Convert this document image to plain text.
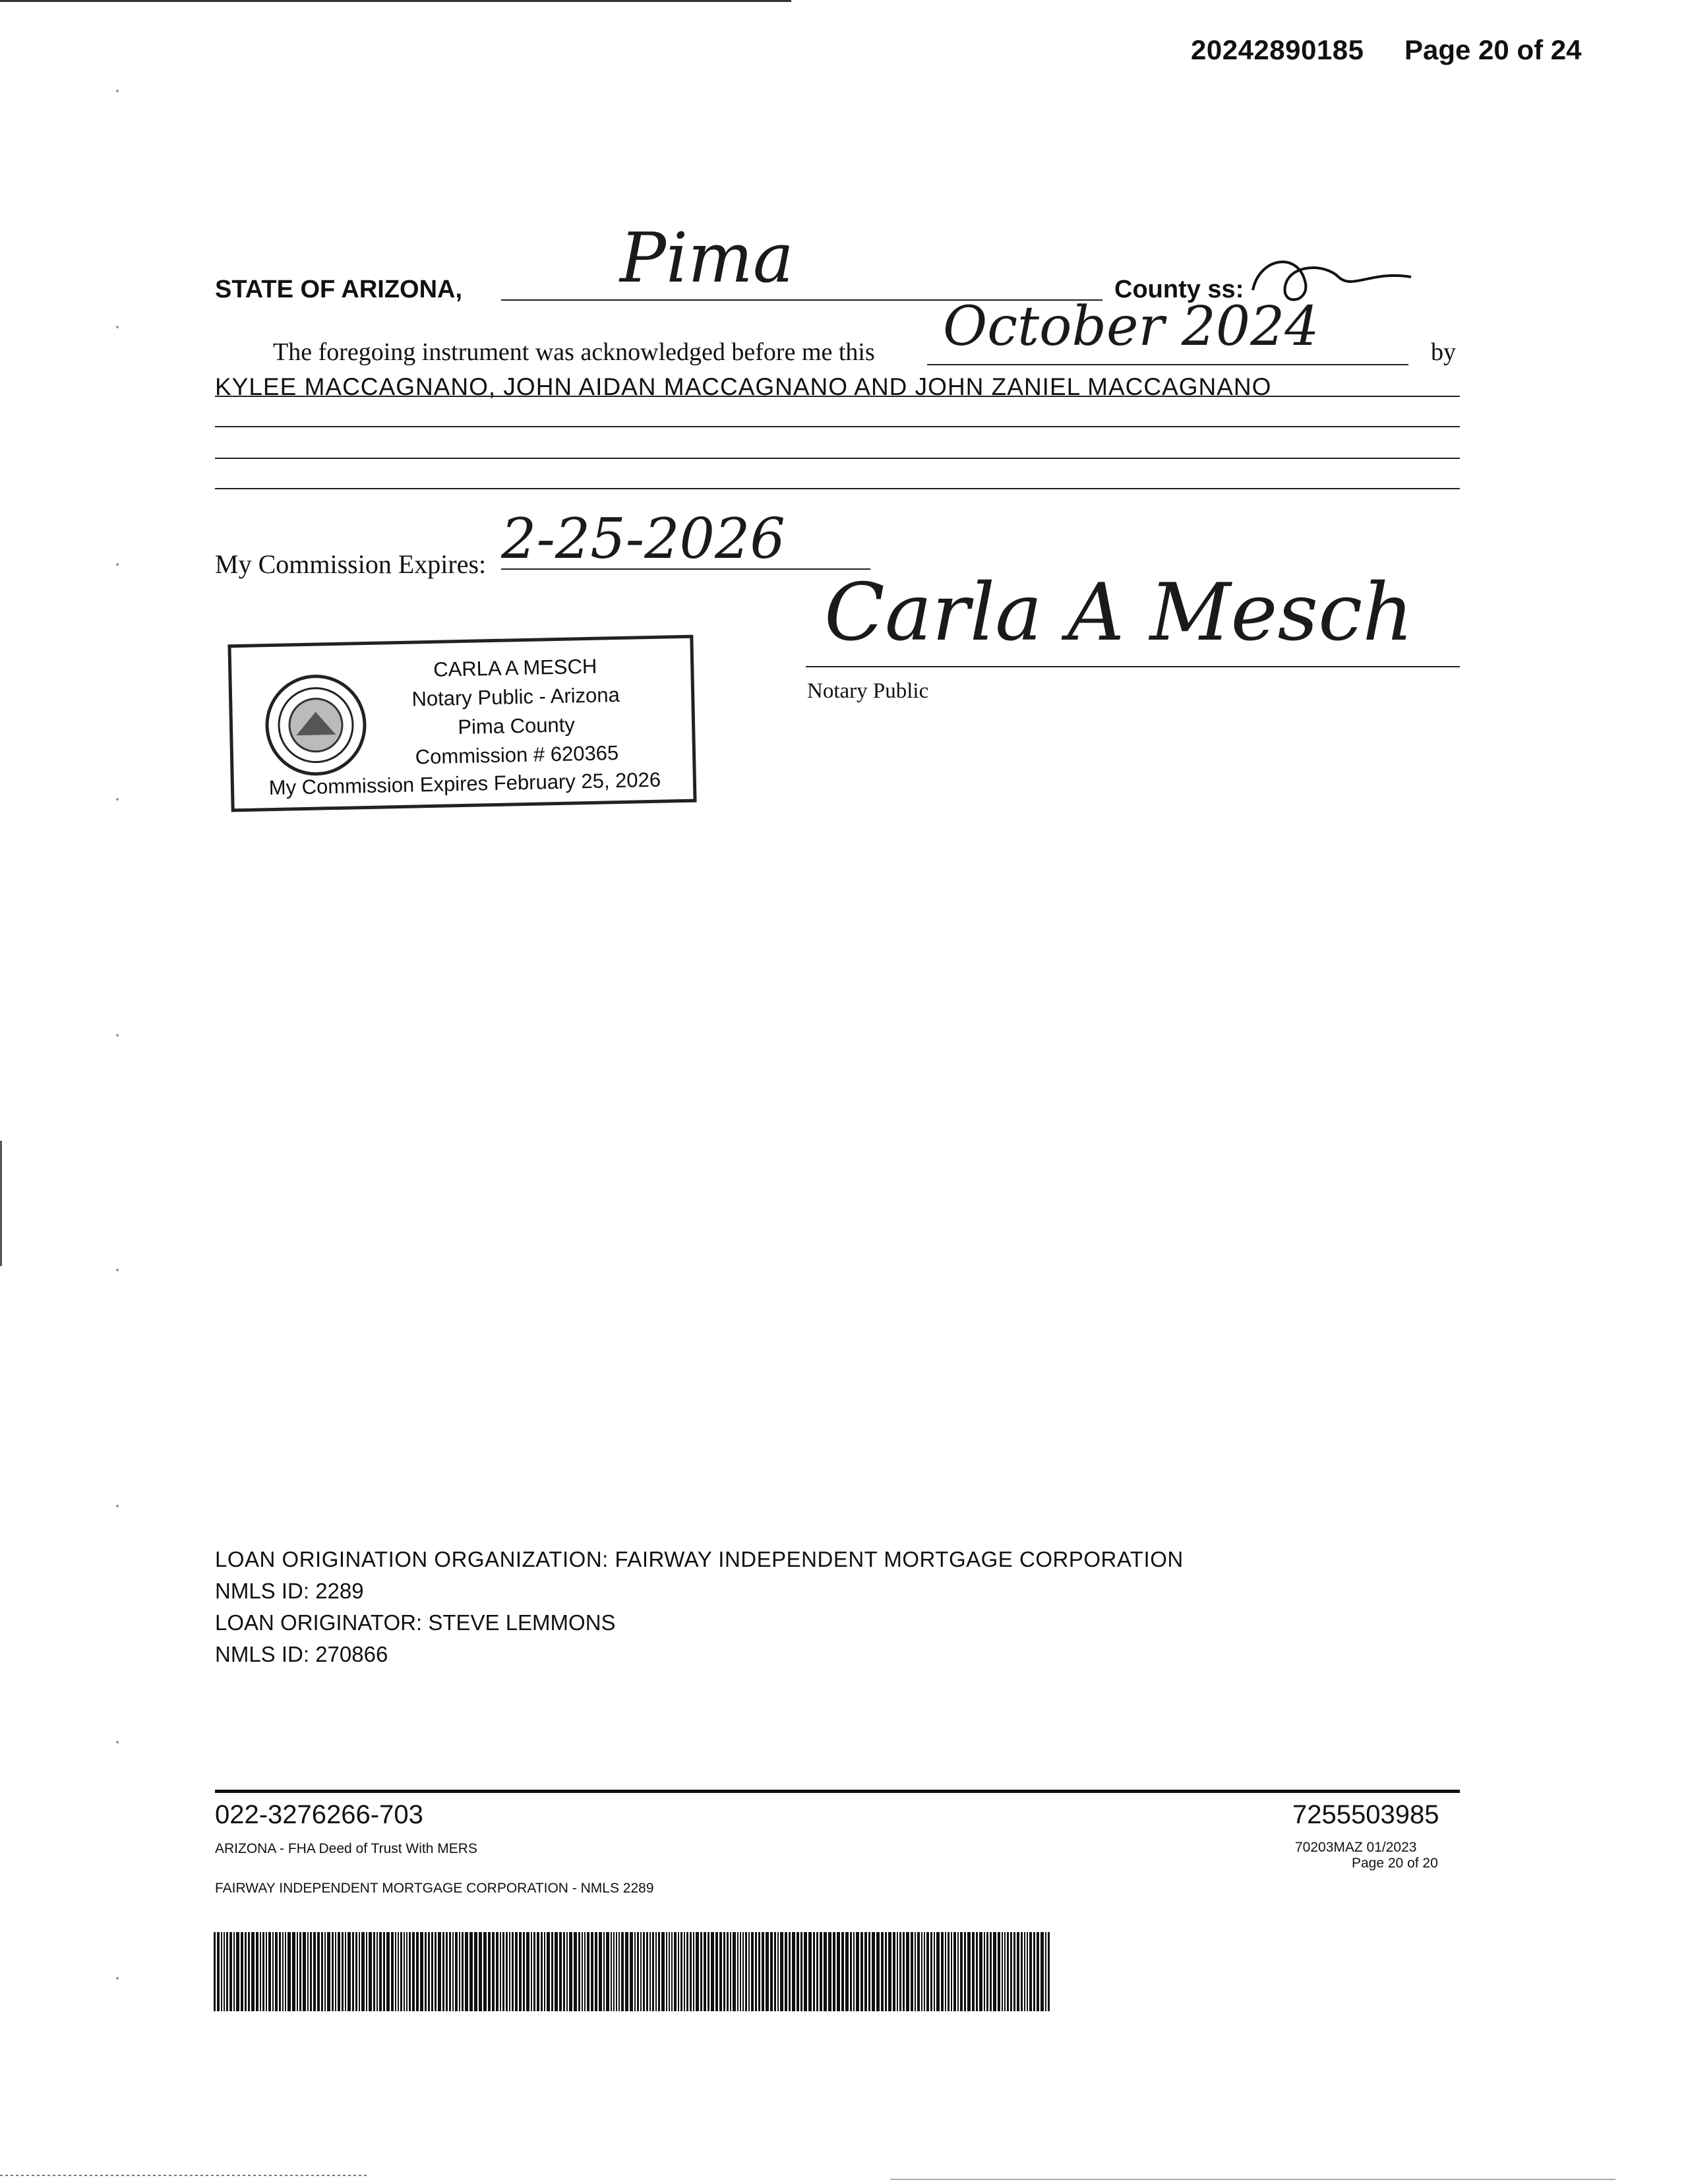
20242890185 Page 20 of 24
STATE OF ARIZONA, Pima	County ss:
The foregoing instrument was acknowledged before me this October 2024	by
KYLEE MACCAGNANO, JOHN AIDAN MACCAGNANO AND JOHN ZANIEL MACCAGNANO
My Commission Expires: 2-25-2026
Carla A Mesch
Notary Public
CARLA A MESCH
Notary Public - Arizona
Pima County
Commission # 620365
My Commission Expires February 25, 2026
LOAN ORIGINATION ORGANIZATION: FAIRWAY INDEPENDENT MORTGAGE CORPORATION
NMLS ID: 2289
LOAN ORIGINATOR: STEVE LEMMONS
NMLS ID: 270866
022-3276266-703	7255503985
ARIZONA - FHA Deed of Trust With MERS	70203MAZ 01/2023
Page 20 of 20
FAIRWAY INDEPENDENT MORTGAGE CORPORATION - NMLS 2289
